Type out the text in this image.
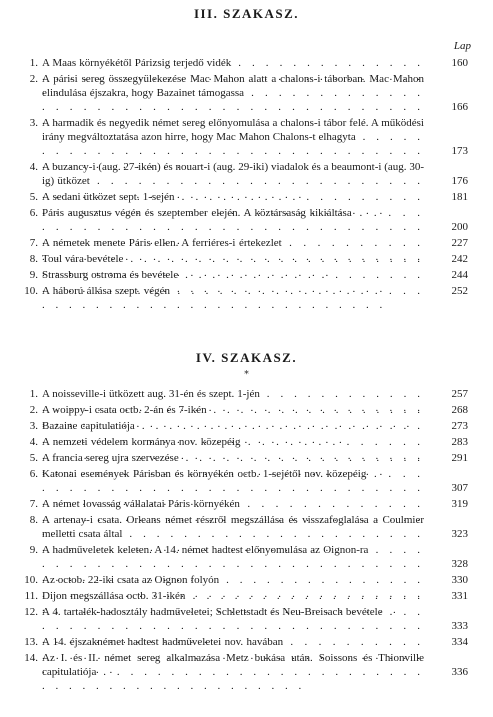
III. SZAKASZ.
Lap
1. A Maas környékétől Párizsig terjedő vidék . . .	160
2. A párisi sereg összegyülekezése Mac Mahon alatt a chalons-i táborban. Mac Mahon elindulása éjszakra, hogy Bazainet támogassa . . .
166
3. A harmadik és negyedik német sereg előnyomulása a chalons-i tábor felé. A működési irány megváltoztatása azon hirre, hogy Mac Mahon Chalons-t elhagyta . . .
173
4. A buzancy-i (aug. 27-ikén) és nouart-i (aug. 29-iki) viadalok és a beaumont-i (aug. 30-ig) ütközet . . .	176
5. A sedani ütközet sept. 1-sején . . .	181
6. Páris augusztus végén és szeptember elején. A köztársaság kikiáltása . . .
200
7. A németek menete Páris ellen. A ferriéres-i értekezlet . . .	227
8. Toul vára bevétele . . .	242
9. Strassburg ostroma és bevétele . . .	244
10. A háború állása szept. végén . . .	252
IV. SZAKASZ.
*
1. A noisseville-i ütközett aug. 31-én és szept. 1-jén . . .	257
2. A woippy-i csata octb. 2-án és 7-ikén . . .	268
3. Bazaine capitulatiója . . .	273
4. A nemzeti védelem kormánya nov. közepéig . . .	283
5. A francia sereg ujra szervezése . . .	291
6. Katonai események Párisban és környékén octb. 1-sejétől nov. közepéig . . .
307
7. A német lovasság vállalatai Páris környékén . . .	319
8. A artenay-i csata. Orleans német részről megszállása és visszafoglalása a Coulmier melletti csata által . . .	323
9. A hadműveletek keleten. A 14. német hadtest előnyomulása az Oignon-ra . . .
328
10. Az octob. 22-iki csata az Oignon folyón . . .	330
11. Dijon megszállása octb. 31-ikén . . .	331
12. A 4. tartalék-hadosztály hadműveletei; Schlettstadt és Neu-Breisach bevétele . . .
333
13. A 14. éjszaknémet hadtest hadműveletei nov. havában . . .	334
14. Az I. és II. német sereg alkalmazása Metz bukása után. Soissons és Thionville capitulatiója . . .	336
